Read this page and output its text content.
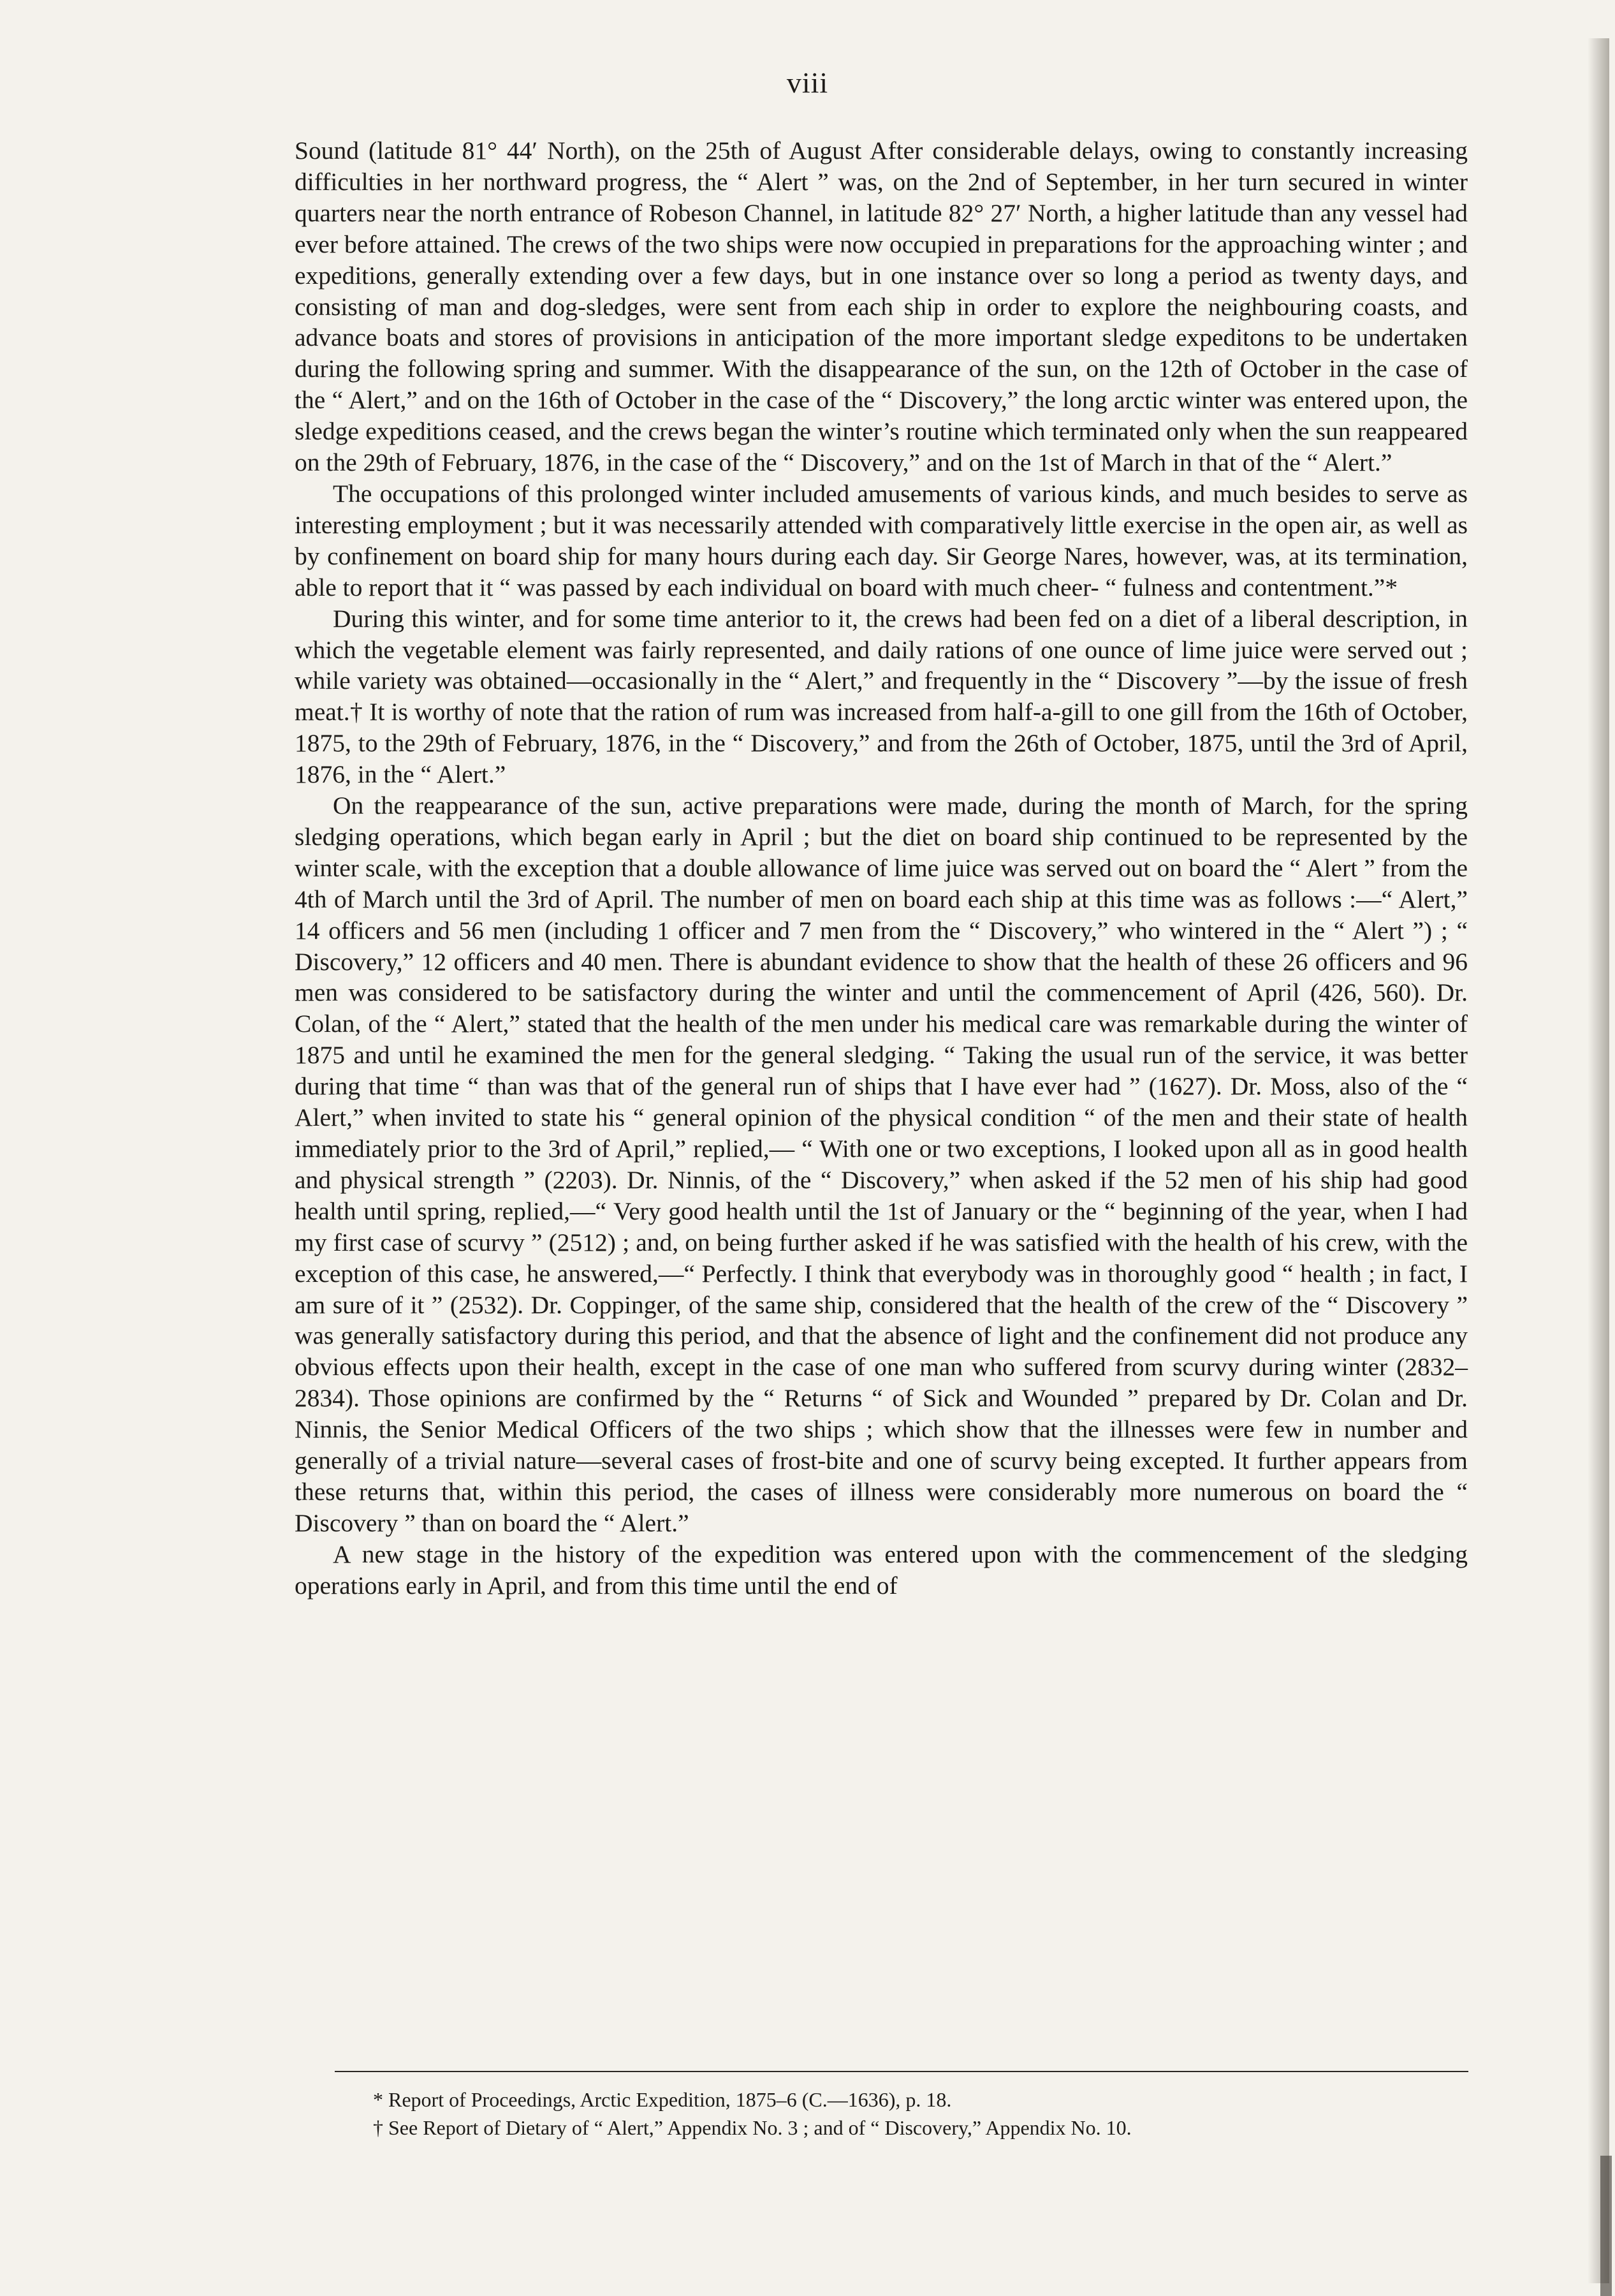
viii

Sound (latitude 81° 44′ North), on the 25th of August After considerable delays, owing to constantly increasing difficulties in her northward progress, the “ Alert ” was, on the 2nd of September, in her turn secured in winter quarters near the north entrance of Robeson Channel, in latitude 82° 27′ North, a higher latitude than any vessel had ever before attained. The crews of the two ships were now occupied in preparations for the approaching winter ; and expeditions, generally extending over a few days, but in one instance over so long a period as twenty days, and consisting of man and dog-sledges, were sent from each ship in order to explore the neighbouring coasts, and advance boats and stores of provisions in anticipation of the more important sledge expeditons to be undertaken during the following spring and summer. With the disappearance of the sun, on the 12th of October in the case of the “ Alert,” and on the 16th of October in the case of the “ Discovery,” the long arctic winter was entered upon, the sledge expeditions ceased, and the crews began the winter’s routine which terminated only when the sun reappeared on the 29th of February, 1876, in the case of the “ Discovery,” and on the 1st of March in that of the “ Alert.”

The occupations of this prolonged winter included amusements of various kinds, and much besides to serve as interesting employment ; but it was necessarily attended with comparatively little exercise in the open air, as well as by confinement on board ship for many hours during each day. Sir George Nares, however, was, at its termination, able to report that it “ was passed by each individual on board with much cheer- “ fulness and contentment.”*

During this winter, and for some time anterior to it, the crews had been fed on a diet of a liberal description, in which the vegetable element was fairly represented, and daily rations of one ounce of lime juice were served out ; while variety was obtained—occasionally in the “ Alert,” and frequently in the “ Discovery ”—by the issue of fresh meat.† It is worthy of note that the ration of rum was increased from half-a-gill to one gill from the 16th of October, 1875, to the 29th of February, 1876, in the “ Discovery,” and from the 26th of October, 1875, until the 3rd of April, 1876, in the “ Alert.”

On the reappearance of the sun, active preparations were made, during the month of March, for the spring sledging operations, which began early in April ; but the diet on board ship continued to be represented by the winter scale, with the exception that a double allowance of lime juice was served out on board the “ Alert ” from the 4th of March until the 3rd of April. The number of men on board each ship at this time was as follows :—“ Alert,” 14 officers and 56 men (including 1 officer and 7 men from the “ Discovery,” who wintered in the “ Alert ”) ; “ Discovery,” 12 officers and 40 men. There is abundant evidence to show that the health of these 26 officers and 96 men was considered to be satisfactory during the winter and until the commencement of April (426, 560). Dr. Colan, of the “ Alert,” stated that the health of the men under his medical care was remarkable during the winter of 1875 and until he examined the men for the general sledging. “ Taking the usual run of the service, it was better during that time “ than was that of the general run of ships that I have ever had ” (1627). Dr. Moss, also of the “ Alert,” when invited to state his “ general opinion of the physical condition “ of the men and their state of health immediately prior to the 3rd of April,” replied,— “ With one or two exceptions, I looked upon all as in good health and physical strength ” (2203). Dr. Ninnis, of the “ Discovery,” when asked if the 52 men of his ship had good health until spring, replied,—“ Very good health until the 1st of January or the “ beginning of the year, when I had my first case of scurvy ” (2512) ; and, on being further asked if he was satisfied with the health of his crew, with the exception of this case, he answered,—“ Perfectly. I think that everybody was in thoroughly good “ health ; in fact, I am sure of it ” (2532). Dr. Coppinger, of the same ship, considered that the health of the crew of the “ Discovery ” was generally satisfactory during this period, and that the absence of light and the confinement did not produce any obvious effects upon their health, except in the case of one man who suffered from scurvy during winter (2832–2834). Those opinions are confirmed by the “ Returns “ of Sick and Wounded ” prepared by Dr. Colan and Dr. Ninnis, the Senior Medical Officers of the two ships ; which show that the illnesses were few in number and generally of a trivial nature—several cases of frost-bite and one of scurvy being excepted. It further appears from these returns that, within this period, the cases of illness were considerably more numerous on board the “ Discovery ” than on board the “ Alert.”

A new stage in the history of the expedition was entered upon with the commencement of the sledging operations early in April, and from this time until the end of

* Report of Proceedings, Arctic Expedition, 1875–6 (C.—1636), p. 18.

† See Report of Dietary of “ Alert,” Appendix No. 3 ; and of “ Discovery,” Appendix No. 10.
